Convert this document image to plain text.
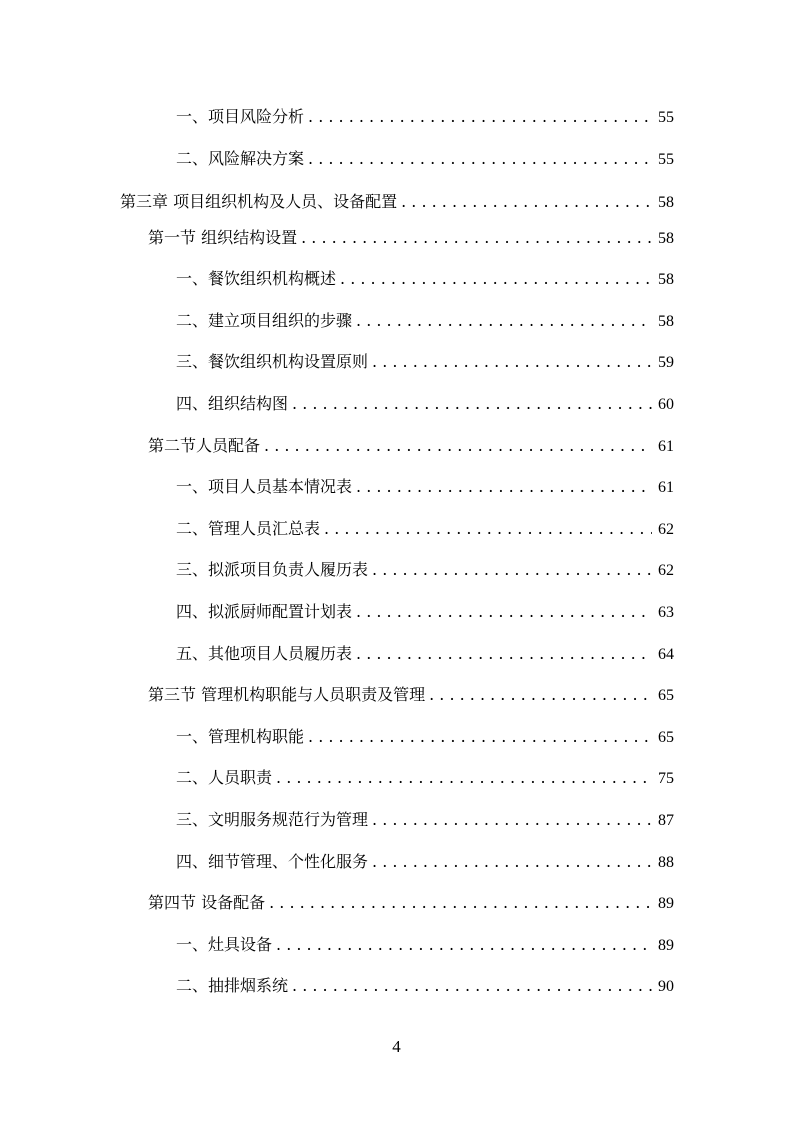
一、项目风险分析 . . .	55
二、风险解决方案 . . .	55
第三章 项目组织机构及人员、设备配置 . . .	58
第一节 组织结构设置 . . .	58
一、餐饮组织机构概述 . . .	58
二、建立项目组织的步骤 . . .	58
三、餐饮组织机构设置原则 . . .	59
四、组织结构图 . . .	60
第二节人员配备 . . .	61
一、项目人员基本情况表 . . .	61
二、管理人员汇总表 . . .	62
三、拟派项目负责人履历表 . . .	62
四、拟派厨师配置计划表 . . .	63
五、其他项目人员履历表 . . .	64
第三节 管理机构职能与人员职责及管理 . . .	65
一、管理机构职能 . . .	65
二、人员职责 . . .	75
三、文明服务规范行为管理 . . .	87
四、细节管理、个性化服务 . . .	88
第四节 设备配备 . . .	89
一、灶具设备 . . .	89
二、抽排烟系统 . . .	90
4
